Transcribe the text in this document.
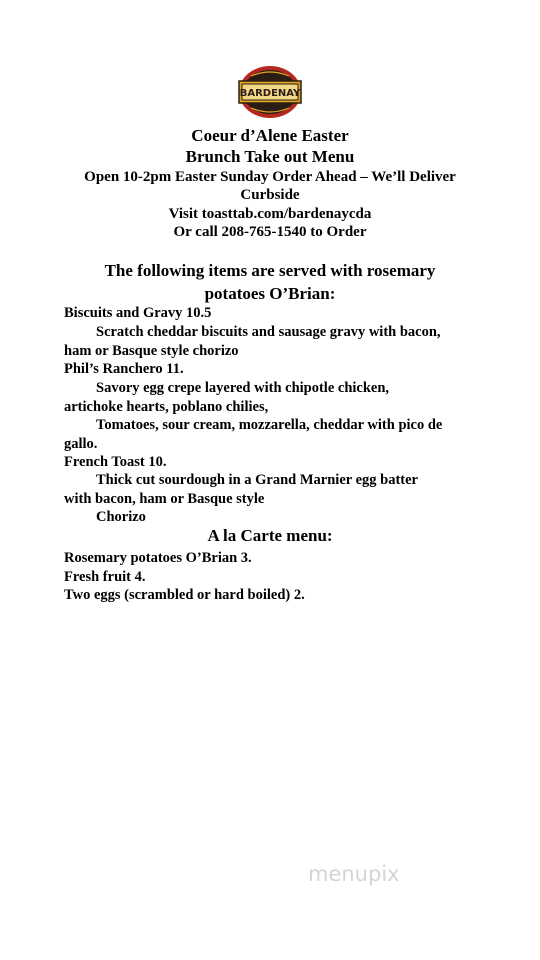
BARDENAY
Coeur d’Alene Easter
Brunch Take out Menu
Open 10-2pm Easter Sunday Order Ahead – We’ll Deliver
Curbside
Visit toasttab.com/bardenaycda
Or call 208-765-1540 to Order
The following items are served with rosemary
potatoes O’Brian:
Biscuits and Gravy 10.5
Scratch cheddar biscuits and sausage gravy with bacon,
ham or Basque style chorizo
Phil’s Ranchero 11.
Savory egg crepe layered with chipotle chicken,
artichoke hearts, poblano chilies,
Tomatoes, sour cream, mozzarella, cheddar with pico de
gallo.
French Toast 10.
Thick cut sourdough in a Grand Marnier egg batter
with bacon, ham or Basque style
Chorizo
A la Carte menu:
Rosemary potatoes O’Brian 3.
Fresh fruit 4.
Two eggs (scrambled or hard boiled) 2.
menupix
